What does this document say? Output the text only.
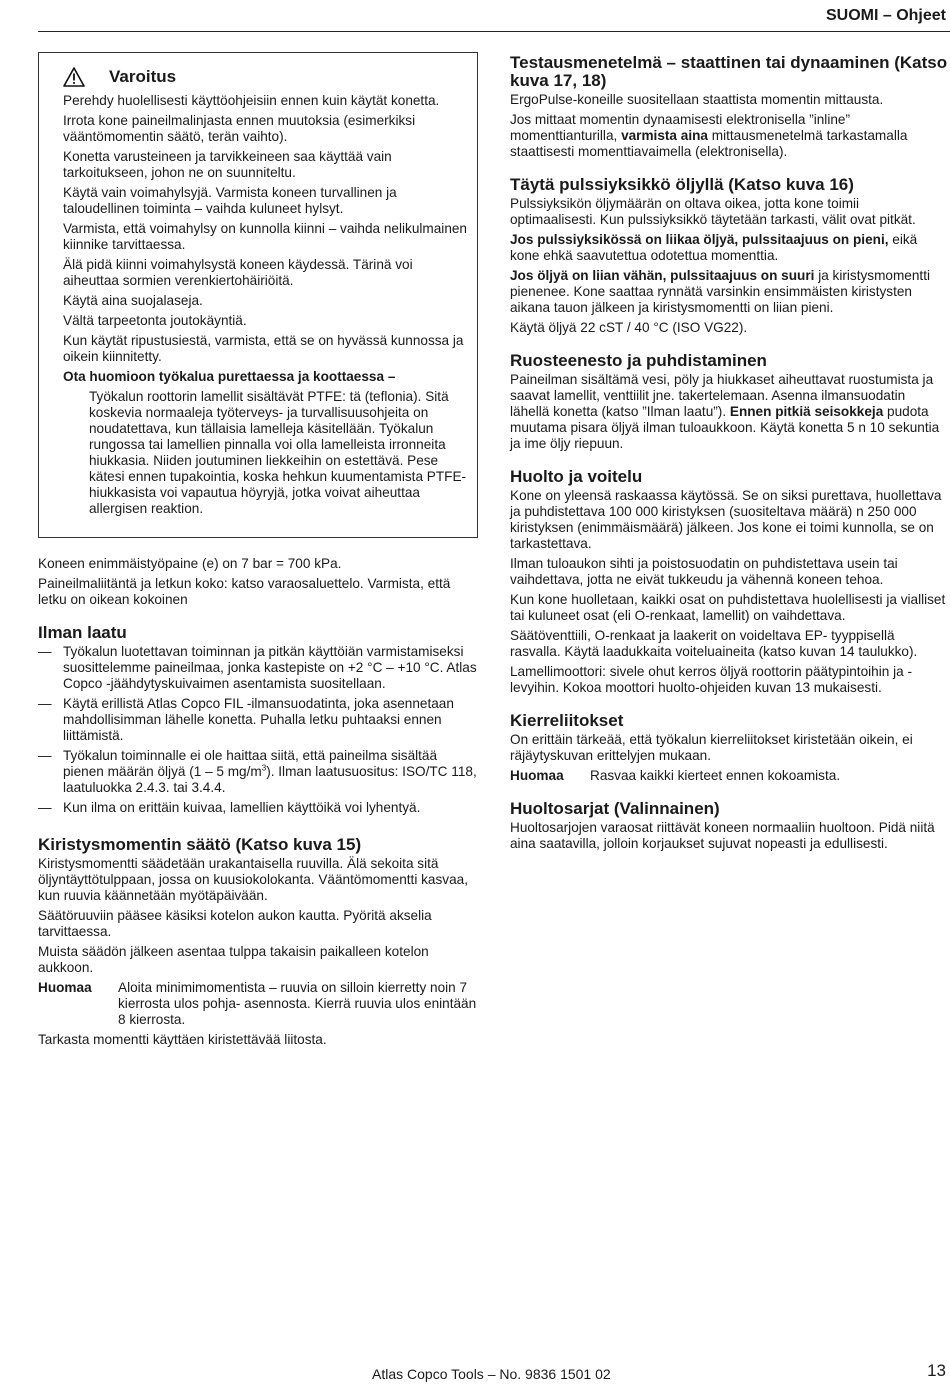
SUOMI – Ohjeet
Varoitus

Perehdy huolellisesti käyttöohjeisiin ennen kuin käytät konetta.

Irrota kone paineilmalinjasta ennen muutoksia (esimerkiksi vääntömomentin säätö, terän vaihto).

Konetta varusteineen ja tarvikkeineen saa käyttää vain tarkoitukseen, johon ne on suunniteltu.

Käytä vain voimahylsyjä. Varmista koneen turvallinen ja taloudellinen toiminta – vaihda kuluneet hylsyt.

Varmista, että voimahylsy on kunnolla kiinni – vaihda nelikulmainen kiinnike tarvittaessa.

Älä pidä kiinni voimahylsystä koneen käydessä. Tärinä voi aiheuttaa sormien verenkiertohäiriöitä.

Käytä aina suojalaseja.

Vältä tarpeetonta joutokäyntiä.

Kun käytät ripustusiestä, varmista, että se on hyvässä kunnossa ja oikein kiinnitetty.

Ota huomioon työkalua purettaessa ja koottaessa –

Työkalun roottorin lamellit sisältävät PTFE: tä (teflonia). Sitä koskevia normaaleja työterveys- ja turvallisuusohjeita on noudatettava, kun tällaisia lamelleja käsitellään. Työkalun rungossa tai lamellien pinnalla voi olla lamelleista irronneita hiukkasia. Niiden joutuminen liekkeihin on estettävä. Pese kätesi ennen tupakointia, koska hehkun kuumentamista PTFE-hiukkasista voi vapautua höyryjä, jotka voivat aiheuttaa allergisen reaktion.

Koneen enimmäistyöpaine (e) on 7 bar = 700 kPa.

Paineilmaliitäntä ja letkun koko: katso varaosaluettelo. Varmista, että letku on oikean kokoinen

Ilman laatu
— Työkalun luotettavan toiminnan ja pitkän käyttöiän varmistamiseksi suosittelemme paineilmaa, jonka kastepiste on +2 °C – +10 °C. Atlas Copco -jäähdytyskuivaimen asentamista suositellaan.
— Käytä erillistä Atlas Copco FIL -ilmansuodatinta, joka asennetaan mahdollisimman lähelle konetta. Puhalla letku puhtaaksi ennen liittämistä.
— Työkalun toiminnalle ei ole haittaa siitä, että paineilma sisältää pienen määrän öljyä (1 – 5 $mg/m^3$). Ilman laatusuositus: ISO/TC 118, laatuluokka 2.4.3. tai 3.4.4.
— Kun ilma on erittäin kuivaa, lamellien käyttöikä voi lyhentyä.
Kiristysmomentin säätö (Katso kuva 15)

Kiristysmomentti säädetään urakantaisella ruuvilla. Älä sekoita sitä öljyntäyttötulppaan, jossa on kuusiokolokanta. Vääntömomentti kasvaa, kun ruuvia käännetään myötäpäivään.

Säätöruuviin pääsee käsiksi kotelon aukon kautta. Pyöritä akselia tarvittaessa.

Muista säädön jälkeen asentaa tulppa takaisin paikalleen kotelon aukkoon.

Huomaa	Aloita minimimomentista – ruuvia on silloin kierretty noin 7 kierrosta ulos pohja- asennosta. Kierrä ruuvia ulos enintään 8 kierrosta.

Tarkasta momentti käyttäen kiristettävää liitosta.

Testausmenetelmä – staattinen tai dynaaminen (Katso kuva 17, 18)

ErgoPulse-koneille suositellaan staattista momentin mittausta.

Jos mittaat momentin dynaamisesti elektronisella ”inline” momenttianturilla, varmista aina mittausmenetelmä tarkastamalla staattisesti momenttiavaimella (elektronisella).

Täytä pulssiyksikkö öljyllä (Katso kuva 16)

Pulssiyksikön öljymäärän on oltava oikea, jotta kone toimii optimaalisesti. Kun pulssiyksikkö täytetään tarkasti, välit ovat pitkät.

Jos pulssiyksikössä on liikaa öljyä, pulssitaajuus on pieni, eikä kone ehkä saavutettua odotettua momenttia.

Jos öljyä on liian vähän, pulssitaajuus on suuri ja kiristysmomentti pienenee. Kone saattaa rynnätä varsinkin ensimmäisten kiristysten aikana tauon jälkeen ja kiristysmomentti on liian pieni.

Käytä öljyä 22 cST / 40 °C (ISO VG22).

Ruosteenesto ja puhdistaminen

Paineilman sisältämä vesi, pöly ja hiukkaset aiheuttavat ruostumista ja saavat lamellit, venttiilit jne. takertelemaan. Asenna ilmansuodatin lähellä konetta (katso ”Ilman laatu”). Ennen pitkiä seisokkeja pudota muutama pisara öljyä ilman tuloaukkoon. Käytä konetta 5 n 10 sekuntia ja ime öljy riepuun.

Huolto ja voitelu

Kone on yleensä raskaassa käytössä. Se on siksi purettava, huollettava ja puhdistettava 100 000 kiristyksen (suositeltava määrä) n 250 000 kiristyksen (enimmäismäärä) jälkeen. Jos kone ei toimi kunnolla, se on tarkastettava.

Ilman tuloaukon sihti ja poistosuodatin on puhdistettava usein tai vaihdettava, jotta ne eivät tukkeudu ja vähennä koneen tehoa.

Kun kone huolletaan, kaikki osat on puhdistettava huolellisesti ja vialliset tai kuluneet osat (eli O-renkaat, lamellit) on vaihdettava.

Säätöventtiili, O-renkaat ja laakerit on voideltava EP- tyyppisellä rasvalla. Käytä laadukkaita voiteluaineita (katso kuvan 14 taulukko).

Lamellimoottori: sivele ohut kerros öljyä roottorin päätypintoihin ja -levyihin. Kokoa moottori huolto-ohjeiden kuvan 13 mukaisesti.

Kierreliitokset

On erittäin tärkeää, että työkalun kierreliitokset kiristetään oikein, ei räjäytyskuvan erittelyjen mukaan.

Huomaa	Rasvaa kaikki kierteet ennen kokoamista.
Huoltosarjat (Valinnainen)

Huoltosarjojen varaosat riittävät koneen normaaliin huoltoon. Pidä niitä aina saatavilla, jolloin korjaukset sujuvat nopeasti ja edullisesti.

Atlas Copco Tools – No. 9836 1501 02	13
